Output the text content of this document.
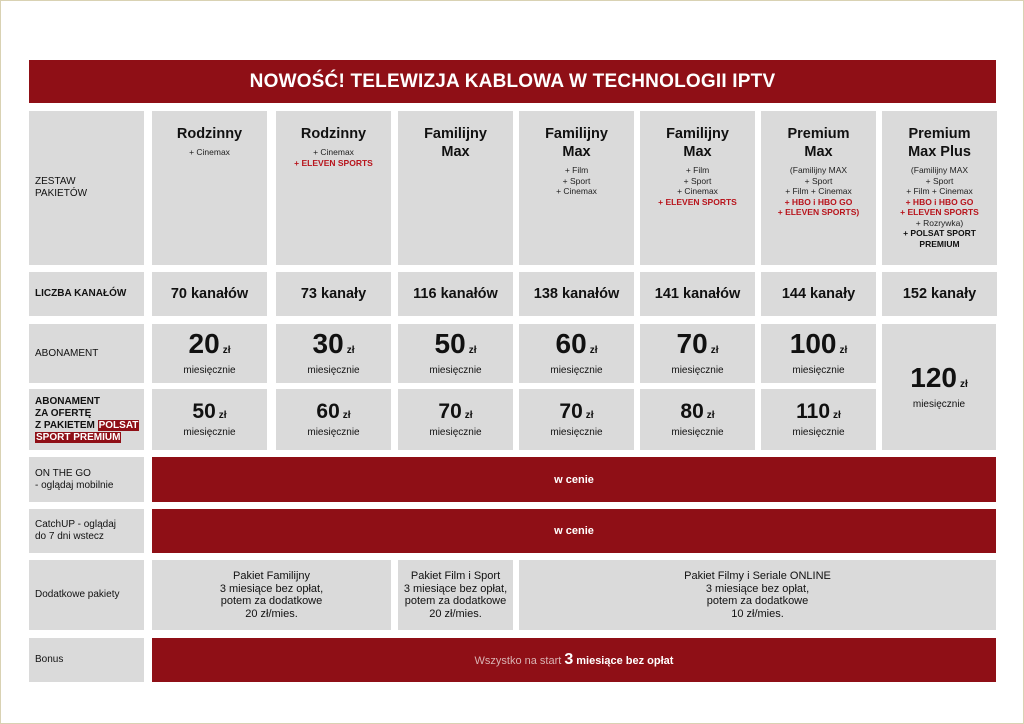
NOWOŚĆ! TELEWIZJA KABLOWA W TECHNOLOGII IPTV
ZESTAW
PAKIETÓW
LICZBA KANAŁÓW
ABONAMENT
ABONAMENT
ZA OFERTĘ
Z PAKIETEM POLSAT
SPORT PREMIUM
ON THE GO
- oglądaj mobilnie
CatchUP - oglądaj
do 7 dni wstecz
Dodatkowe pakiety
Bonus
Rodzinny
+ Cinemax
70 kanałów
20 zł
miesięcznie
50 zł
miesięcznie
Rodzinny
+ Cinemax
+ ELEVEN SPORTS
73 kanały
30 zł
miesięcznie
60 zł
miesięcznie
Familijny
Max
116 kanałów
50 zł
miesięcznie
70 zł
miesięcznie
Familijny
Max
+ Film
+ Sport
+ Cinemax
138 kanałów
60 zł
miesięcznie
70 zł
miesięcznie
Familijny
Max
+ Film
+ Sport
+ Cinemax
+ ELEVEN SPORTS
141 kanałów
70 zł
miesięcznie
80 zł
miesięcznie
Premium
Max
(Familijny MAX
+ Sport
+ Film + Cinemax
+ HBO i HBO GO
+ ELEVEN SPORTS)
144 kanały
100 zł
miesięcznie
110 zł
miesięcznie
Premium
Max Plus
(Familijny MAX
+ Sport
+ Film + Cinemax
+ HBO i HBO GO
+ ELEVEN SPORTS
+ Rozrywka)
+ POLSAT SPORT
PREMIUM
152 kanały
120 zł
miesięcznie
w cenie
w cenie
Pakiet Familijny
3 miesiące bez opłat,
potem za dodatkowe
20 zł/mies.
Pakiet Film i Sport
3 miesiące bez opłat,
potem za dodatkowe
20 zł/mies.
Pakiet Filmy i Seriale ONLINE
3 miesiące bez opłat,
potem za dodatkowe
10 zł/mies.
Wszystko na start 3 miesiące bez opłat
